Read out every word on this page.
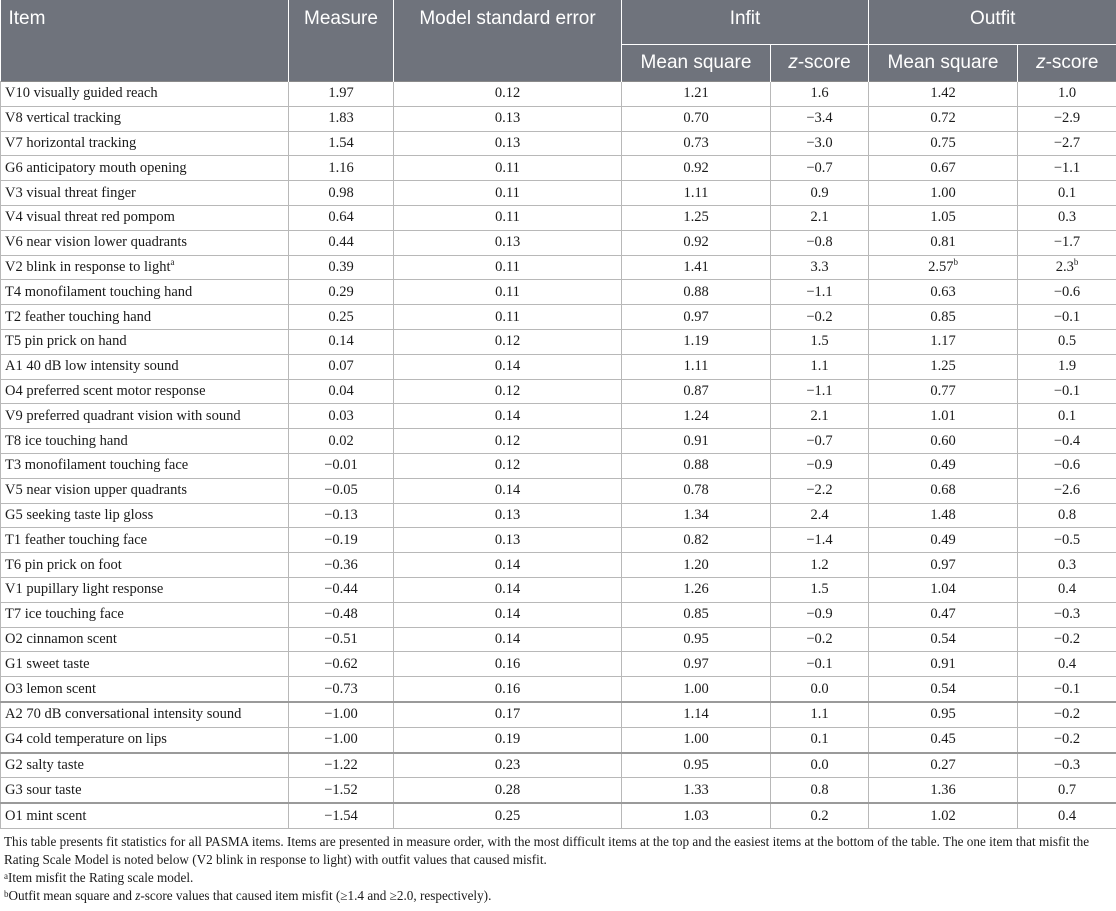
Item	Measure	Model standard error	Infit		Outfit	
			Mean square	z-score	Mean square	z-score
V10 visually guided reach	1.97	0.12	1.21	1.6	1.42	1.0
V8 vertical tracking	1.83	0.13	0.70	−3.4	0.72	−2.9
V7 horizontal tracking	1.54	0.13	0.73	−3.0	0.75	−2.7
G6 anticipatory mouth opening	1.16	0.11	0.92	−0.7	0.67	−1.1
V3 visual threat finger	0.98	0.11	1.11	0.9	1.00	0.1
V4 visual threat red pompom	0.64	0.11	1.25	2.1	1.05	0.3
V6 near vision lower quadrants	0.44	0.13	0.92	−0.8	0.81	−1.7
V2 blink in response to light$^a$	0.39	0.11	1.41	3.3	2.57$^b$	2.3$^b$
T4 monofilament touching hand	0.29	0.11	0.88	−1.1	0.63	−0.6
T2 feather touching hand	0.25	0.11	0.97	−0.2	0.85	−0.1
T5 pin prick on hand	0.14	0.12	1.19	1.5	1.17	0.5
A1 40 dB low intensity sound	0.07	0.14	1.11	1.1	1.25	1.9
O4 preferred scent motor response	0.04	0.12	0.87	−1.1	0.77	−0.1
V9 preferred quadrant vision with sound	0.03	0.14	1.24	2.1	1.01	0.1
T8 ice touching hand	0.02	0.12	0.91	−0.7	0.60	−0.4
T3 monofilament touching face	−0.01	0.12	0.88	−0.9	0.49	−0.6
V5 near vision upper quadrants	−0.05	0.14	0.78	−2.2	0.68	−2.6
G5 seeking taste lip gloss	−0.13	0.13	1.34	2.4	1.48	0.8
T1 feather touching face	−0.19	0.13	0.82	−1.4	0.49	−0.5
T6 pin prick on foot	−0.36	0.14	1.20	1.2	0.97	0.3
V1 pupillary light response	−0.44	0.14	1.26	1.5	1.04	0.4
T7 ice touching face	−0.48	0.14	0.85	−0.9	0.47	−0.3
O2 cinnamon scent	−0.51	0.14	0.95	−0.2	0.54	−0.2
G1 sweet taste	−0.62	0.16	0.97	−0.1	0.91	0.4
O3 lemon scent	−0.73	0.16	1.00	0.0	0.54	−0.1
A2 70 dB conversational intensity sound	−1.00	0.17	1.14	1.1	0.95	−0.2
G4 cold temperature on lips	−1.00	0.19	1.00	0.1	0.45	−0.2
G2 salty taste	−1.22	0.23	0.95	0.0	0.27	−0.3
G3 sour taste	−1.52	0.28	1.33	0.8	1.36	0.7
O1 mint scent	−1.54	0.25	1.03	0.2	1.02	0.4

This table presents fit statistics for all PASMA items. Items are presented in measure order, with the most difficult items at the top and the easiest items at the bottom of the table. The one item that misfit the Rating Scale Model is noted below (V2 blink in response to light) with outfit values that caused misfit.

$^a$Item misfit the Rating scale model.

$^b$Outfit mean square and z-score values that caused item misfit (≥1.4 and ≥2.0, respectively).
